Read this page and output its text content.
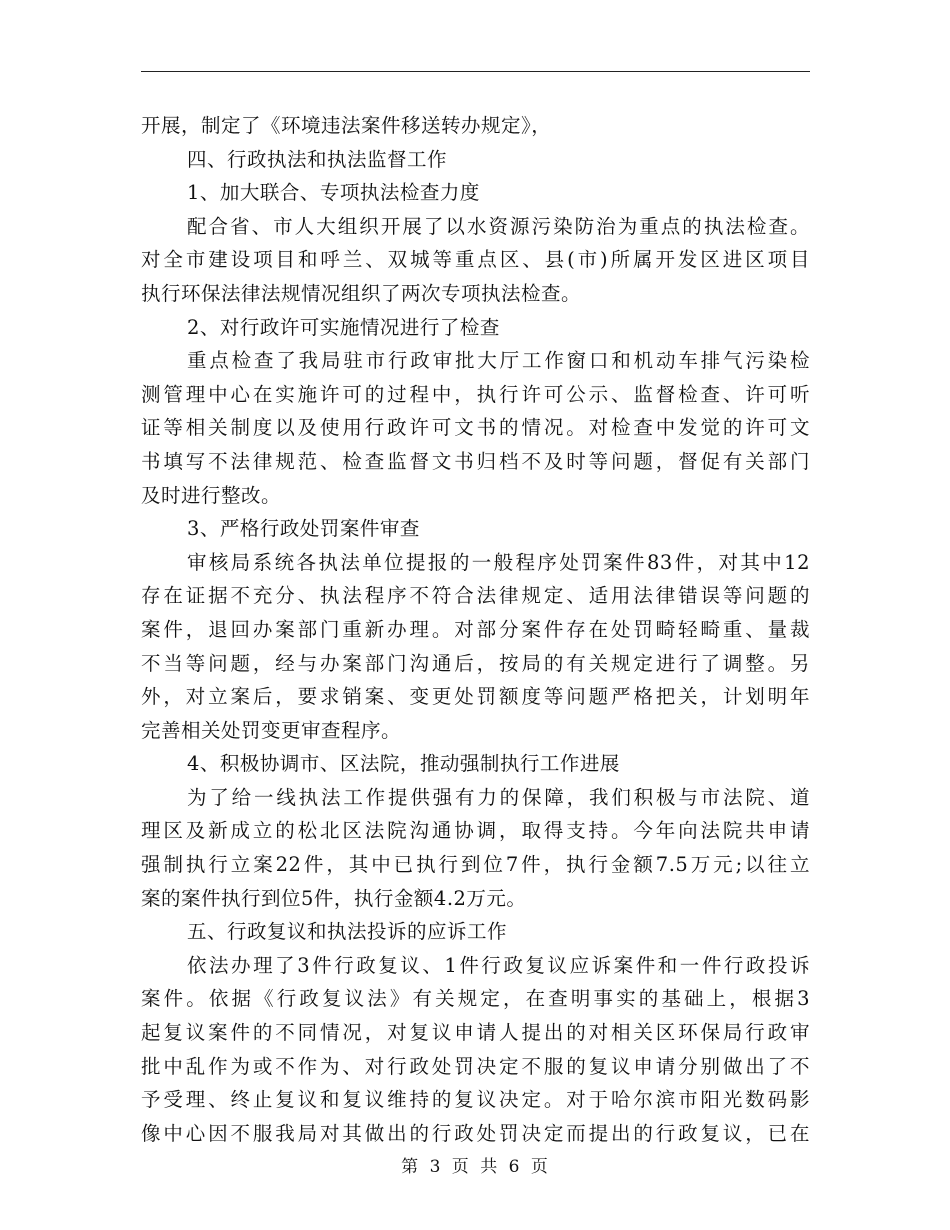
开展，制定了《环境违法案件移送转办规定》，
四、行政执法和执法监督工作
1、加大联合、专项执法检查力度
配合省、市人大组织开展了以水资源污染防治为重点的执法检查。
对全市建设项目和呼兰、双城等重点区、县(市)所属开发区进区项目
执行环保法律法规情况组织了两次专项执法检查。
2、对行政许可实施情况进行了检查
重点检查了我局驻市行政审批大厅工作窗口和机动车排气污染检
测管理中心在实施许可的过程中，执行许可公示、监督检查、许可听
证等相关制度以及使用行政许可文书的情况。对检查中发觉的许可文
书填写不法律规范、检查监督文书归档不及时等问题，督促有关部门
及时进行整改。
3、严格行政处罚案件审查
审核局系统各执法单位提报的一般程序处罚案件83件，对其中12
存在证据不充分、执法程序不符合法律规定、适用法律错误等问题的
案件，退回办案部门重新办理。对部分案件存在处罚畸轻畸重、量裁
不当等问题，经与办案部门沟通后，按局的有关规定进行了调整。另
外，对立案后，要求销案、变更处罚额度等问题严格把关，计划明年
完善相关处罚变更审查程序。
4、积极协调市、区法院，推动强制执行工作进展
为了给一线执法工作提供强有力的保障，我们积极与市法院、道
理区及新成立的松北区法院沟通协调，取得支持。今年向法院共申请
强制执行立案22件，其中已执行到位7件，执行金额7.5万元;以往立
案的案件执行到位5件，执行金额4.2万元。
五、行政复议和执法投诉的应诉工作
依法办理了3件行政复议、1件行政复议应诉案件和一件行政投诉
案件。依据《行政复议法》有关规定，在查明事实的基础上，根据3
起复议案件的不同情况，对复议申请人提出的对相关区环保局行政审
批中乱作为或不作为、对行政处罚决定不服的复议申请分别做出了不
予受理、终止复议和复议维持的复议决定。对于哈尔滨市阳光数码影
像中心因不服我局对其做出的行政处罚决定而提出的行政复议，已在
第 3 页 共 6 页
